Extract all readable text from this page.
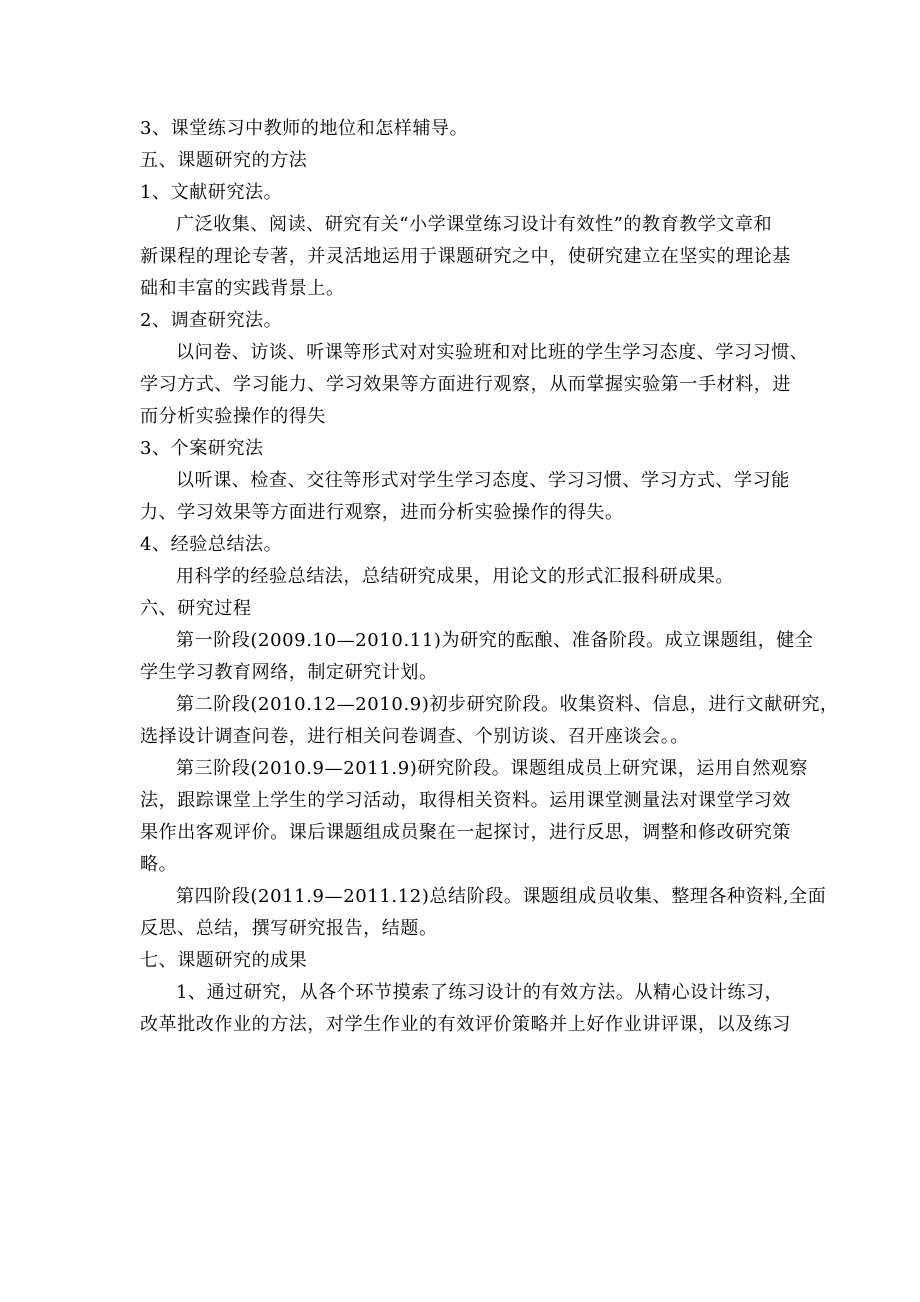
3、课堂练习中教师的地位和怎样辅导。
五、课题研究的方法
1、文献研究法。
广泛收集、阅读、研究有关“小学课堂练习设计有效性”的教育教学文章和
新课程的理论专著，并灵活地运用于课题研究之中，使研究建立在坚实的理论基
础和丰富的实践背景上。
2、调查研究法。
以问卷、访谈、听课等形式对对实验班和对比班的学生学习态度、学习习惯、
学习方式、学习能力、学习效果等方面进行观察，从而掌握实验第一手材料，进
而分析实验操作的得失
3、个案研究法
以听课、检查、交往等形式对学生学习态度、学习习惯、学习方式、学习能
力、学习效果等方面进行观察，进而分析实验操作的得失。
4、经验总结法。
用科学的经验总结法，总结研究成果，用论文的形式汇报科研成果。
六、研究过程
第一阶段(2009.10—2010.11)为研究的酝酿、准备阶段。成立课题组，健全
学生学习教育网络，制定研究计划。
第二阶段(2010.12—2010.9)初步研究阶段。收集资料、信息，进行文献研究，
选择设计调查问卷，进行相关问卷调查、个别访谈、召开座谈会。。
第三阶段(2010.9—2011.9)研究阶段。课题组成员上研究课，运用自然观察
法，跟踪课堂上学生的学习活动，取得相关资料。运用课堂测量法对课堂学习效
果作出客观评价。课后课题组成员聚在一起探讨，进行反思，调整和修改研究策
略。
第四阶段(2011.9—2011.12)总结阶段。课题组成员收集、整理各种资料,全面
反思、总结，撰写研究报告，结题。
七、课题研究的成果
1、通过研究，从各个环节摸索了练习设计的有效方法。从精心设计练习，
改革批改作业的方法，对学生作业的有效评价策略并上好作业讲评课，以及练习
